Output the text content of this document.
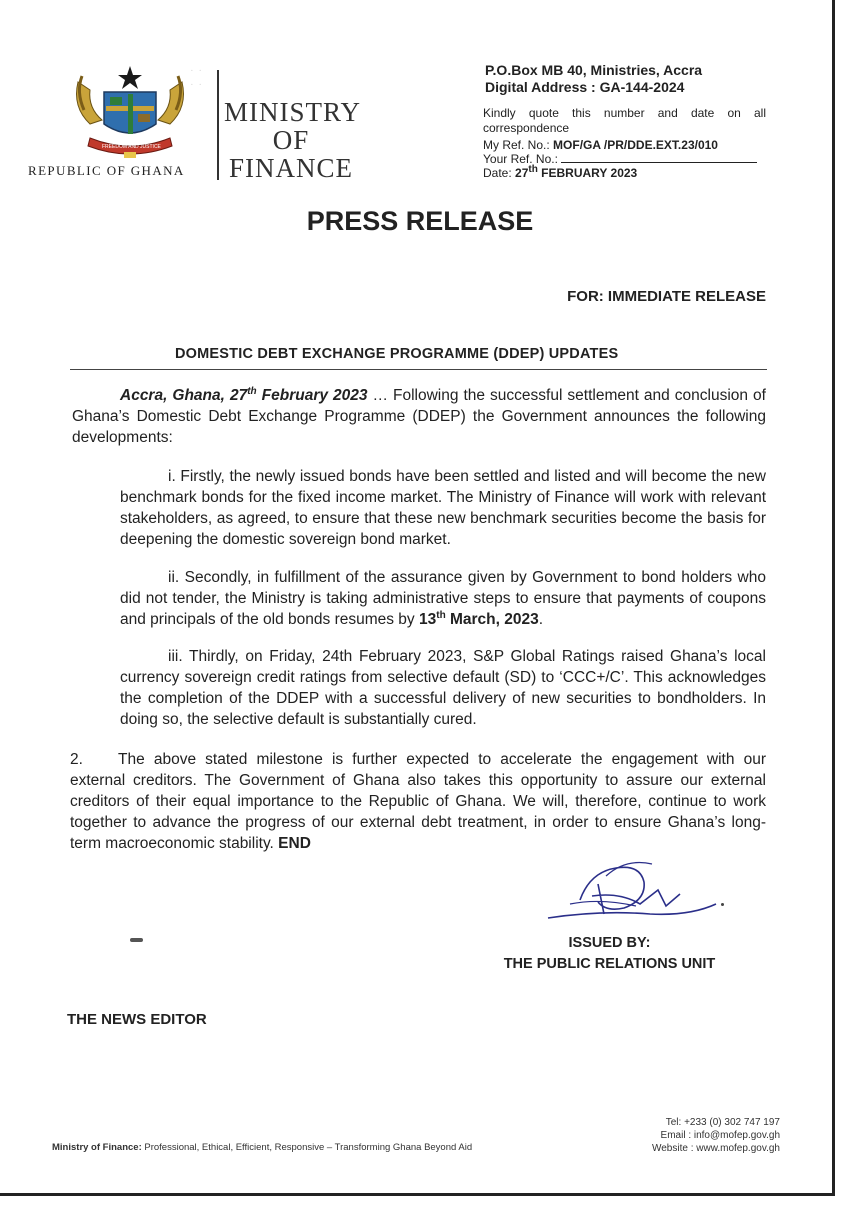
FREEDOM AND JUSTICE
· ·
· ·
REPUBLIC OF GHANA
MINISTRY
OF
FINANCE
P.O.Box MB 40, Ministries, Accra
Digital Address : GA-144-2024
Kindly quote this number and date on all correspondence
My Ref. No.: MOF/GA /PR/DDE.EXT.23/010
Your Ref. No.:
Date: 27th FEBRUARY 2023
PRESS RELEASE
FOR: IMMEDIATE RELEASE
DOMESTIC DEBT EXCHANGE PROGRAMME (DDEP) UPDATES
Accra, Ghana, 27th February 2023 … Following the successful settlement and conclusion of Ghana’s Domestic Debt Exchange Programme (DDEP) the Government announces the following developments:
i. Firstly, the newly issued bonds have been settled and listed and will become the new benchmark bonds for the fixed income market. The Ministry of Finance will work with relevant stakeholders, as agreed, to ensure that these new benchmark securities become the basis for deepening the domestic sovereign bond market.
ii. Secondly, in fulfillment of the assurance given by Government to bond holders who did not tender, the Ministry is taking administrative steps to ensure that payments of coupons and principals of the old bonds resumes by 13th March, 2023.
iii. Thirdly, on Friday, 24th February 2023, S&P Global Ratings raised Ghana’s local currency sovereign credit ratings from selective default (SD) to ‘CCC+/C’. This acknowledges the completion of the DDEP with a successful delivery of new securities to bondholders. In doing so, the selective default is substantially cured.
2. The above stated milestone is further expected to accelerate the engagement with our external creditors. The Government of Ghana also takes this opportunity to assure our external creditors of their equal importance to the Republic of Ghana. We will, therefore, continue to work together to advance the progress of our external debt treatment, in order to ensure Ghana’s long-term macroeconomic stability. END
ISSUED BY:
THE PUBLIC RELATIONS UNIT
THE NEWS EDITOR
Tel: +233 (0) 302 747 197
Email : info@mofep.gov.gh
Website : www.mofep.gov.gh
Ministry of Finance: Professional, Ethical, Efficient, Responsive – Transforming Ghana Beyond Aid
